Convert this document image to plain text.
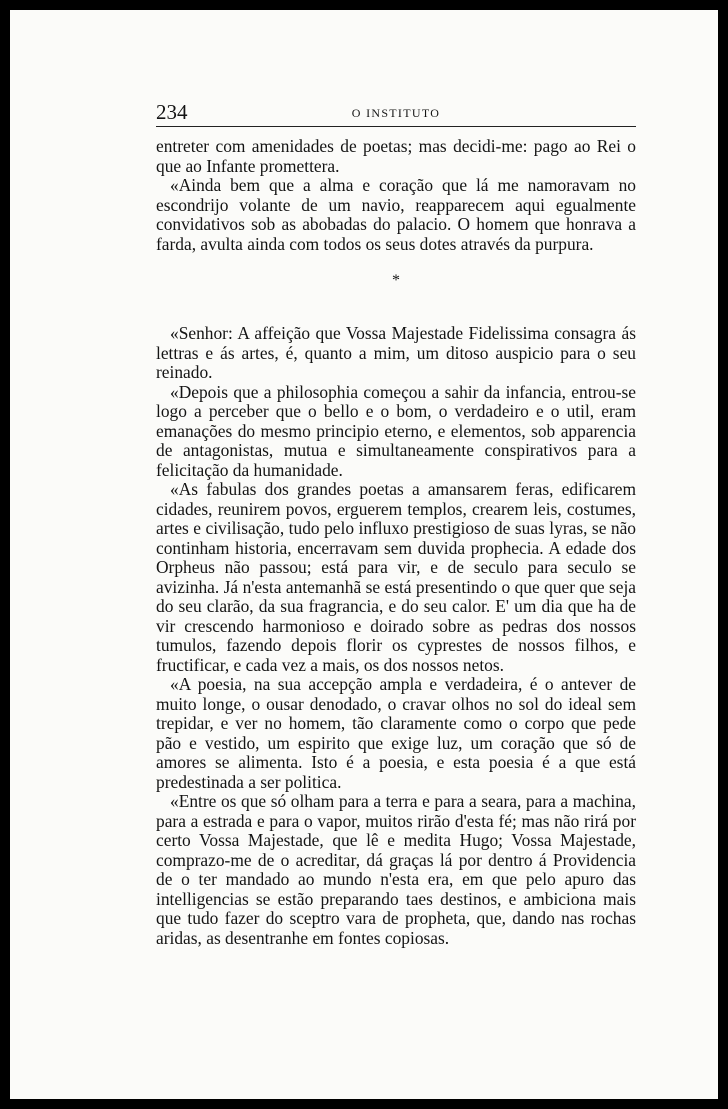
234	O INSTITUTO

entreter com amenidades de poetas; mas decidi-me: pago ao Rei o que ao Infante promettera.

«Ainda bem que a alma e coração que lá me namoravam no escondrijo volante de um navio, reapparecem aqui egualmente convidativos sob as abobadas do palacio. O homem que honrava a farda, avulta ainda com todos os seus dotes através da purpura.

*

«Senhor: A affeição que Vossa Majestade Fidelissima consagra ás lettras e ás artes, é, quanto a mim, um ditoso auspicio para o seu reinado.

«Depois que a philosophia começou a sahir da infancia, entrou-se logo a perceber que o bello e o bom, o verdadeiro e o util, eram emanações do mesmo principio eterno, e elementos, sob apparencia de antagonistas, mutua e simultaneamente conspirativos para a felicitação da humanidade.

«As fabulas dos grandes poetas a amansarem feras, edificarem cidades, reunirem povos, erguerem templos, crearem leis, costumes, artes e civilisação, tudo pelo influxo prestigioso de suas lyras, se não continham historia, encerravam sem duvida prophecia. A edade dos Orpheus não passou; está para vir, e de seculo para seculo se avizinha. Já n'esta antemanhã se está presentindo o que quer que seja do seu clarão, da sua fragrancia, e do seu calor. E' um dia que ha de vir crescendo harmonioso e doirado sobre as pedras dos nossos tumulos, fazendo depois florir os cyprestes de nossos filhos, e fructificar, e cada vez a mais, os dos nossos netos.

«A poesia, na sua accepção ampla e verdadeira, é o antever de muito longe, o ousar denodado, o cravar olhos no sol do ideal sem trepidar, e ver no homem, tão claramente como o corpo que pede pão e vestido, um espirito que exige luz, um coração que só de amores se alimenta. Isto é a poesia, e esta poesia é a que está predestinada a ser politica.

«Entre os que só olham para a terra e para a seara, para a machina, para a estrada e para o vapor, muitos rirão d'esta fé; mas não rirá por certo Vossa Majestade, que lê e medita Hugo; Vossa Majestade, comprazo-me de o acreditar, dá graças lá por dentro á Providencia de o ter mandado ao mundo n'esta era, em que pelo apuro das intelligencias se estão preparando taes destinos, e ambiciona mais que tudo fazer do sceptro vara de propheta, que, dando nas rochas aridas, as desentranhe em fontes copiosas.
